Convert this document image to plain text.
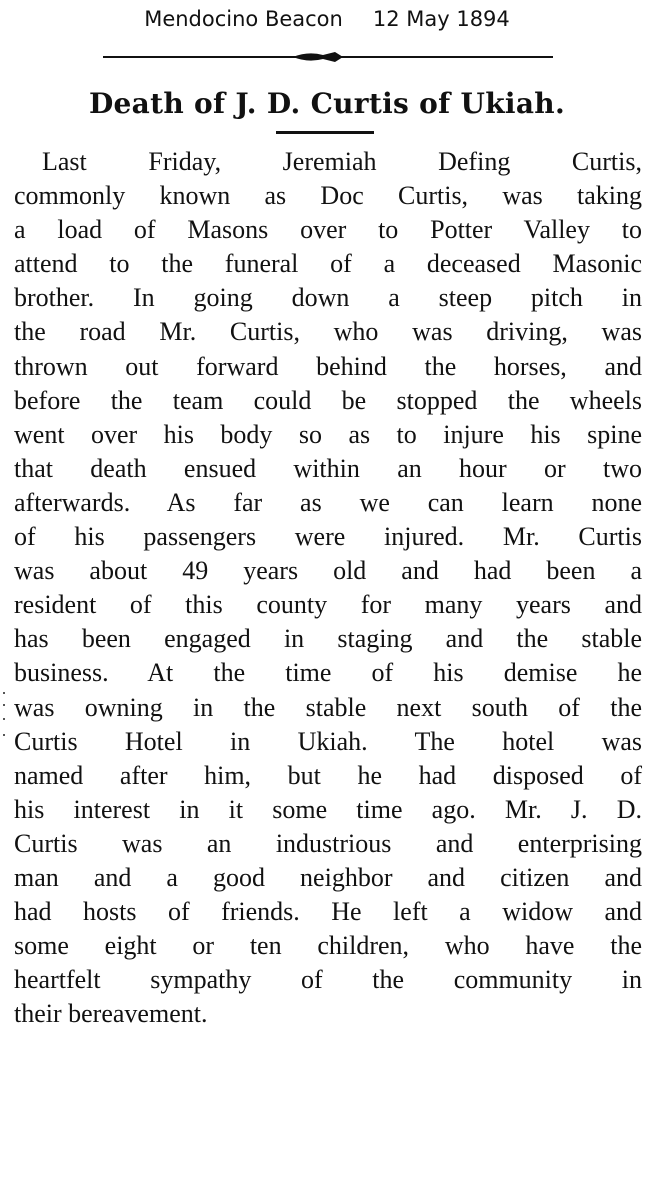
Mendocino Beacon 12 May 1894
Death of J. D. Curtis of Ukiah.
Last Friday, Jeremiah Defing Curtis,
commonly known as Doc Curtis, was taking
a load of Masons over to Potter Valley to
attend to the funeral of a deceased Masonic
brother. In going down a steep pitch in
the road Mr. Curtis, who was driving, was
thrown out forward behind the horses, and
before the team could be stopped the wheels
went over his body so as to injure his spine
that death ensued within an hour or two
afterwards. As far as we can learn none
of his passengers were injured. Mr. Curtis
was about 49 years old and had been a
resident of this county for many years and
has been engaged in staging and the stable
business. At the time of his demise he
was owning in the stable next south of the
Curtis Hotel in Ukiah. The hotel was
named after him, but he had disposed of
his interest in it some time ago. Mr. J. D.
Curtis was an industrious and enterprising
man and a good neighbor and citizen and
had hosts of friends. He left a widow and
some eight or ten children, who have the
heartfelt sympathy of the community in
their bereavement.
